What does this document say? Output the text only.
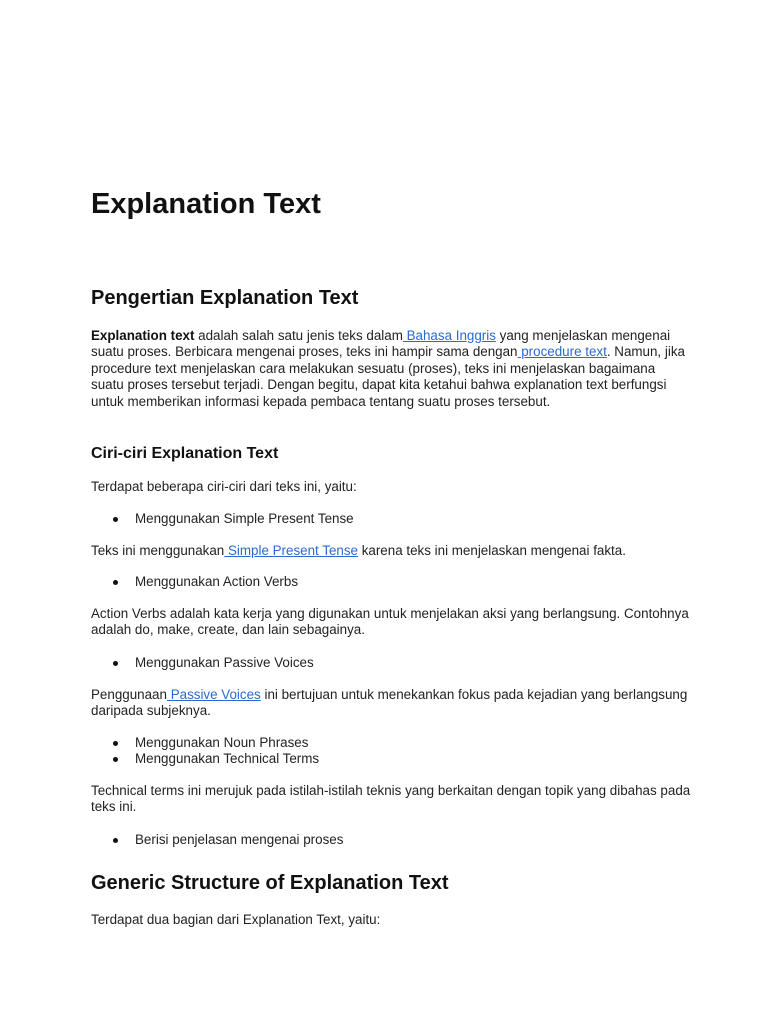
Explanation Text
Pengertian Explanation Text

Explanation text adalah salah satu jenis teks dalam Bahasa Inggris yang menjelaskan mengenai suatu proses. Berbicara mengenai proses, teks ini hampir sama dengan procedure text. Namun, jika procedure text menjelaskan cara melakukan sesuatu (proses), teks ini menjelaskan bagaimana suatu proses tersebut terjadi. Dengan begitu, dapat kita ketahui bahwa explanation text berfungsi untuk memberikan informasi kepada pembaca tentang suatu proses tersebut.

Ciri-ciri Explanation Text

Terdapat beberapa ciri-ciri dari teks ini, yaitu:

Menggunakan Simple Present Tense

Teks ini menggunakan Simple Present Tense karena teks ini menjelaskan mengenai fakta.

Menggunakan Action Verbs

Action Verbs adalah kata kerja yang digunakan untuk menjelakan aksi yang berlangsung. Contohnya adalah do, make, create, dan lain sebagainya.

Menggunakan Passive Voices

Penggunaan Passive Voices ini bertujuan untuk menekankan fokus pada kejadian yang berlangsung daripada subjeknya.

Menggunakan Noun Phrases
Menggunakan Technical Terms

Technical terms ini merujuk pada istilah-istilah teknis yang berkaitan dengan topik yang dibahas pada teks ini.

Berisi penjelasan mengenai proses
Generic Structure of Explanation Text

Terdapat dua bagian dari Explanation Text, yaitu:
